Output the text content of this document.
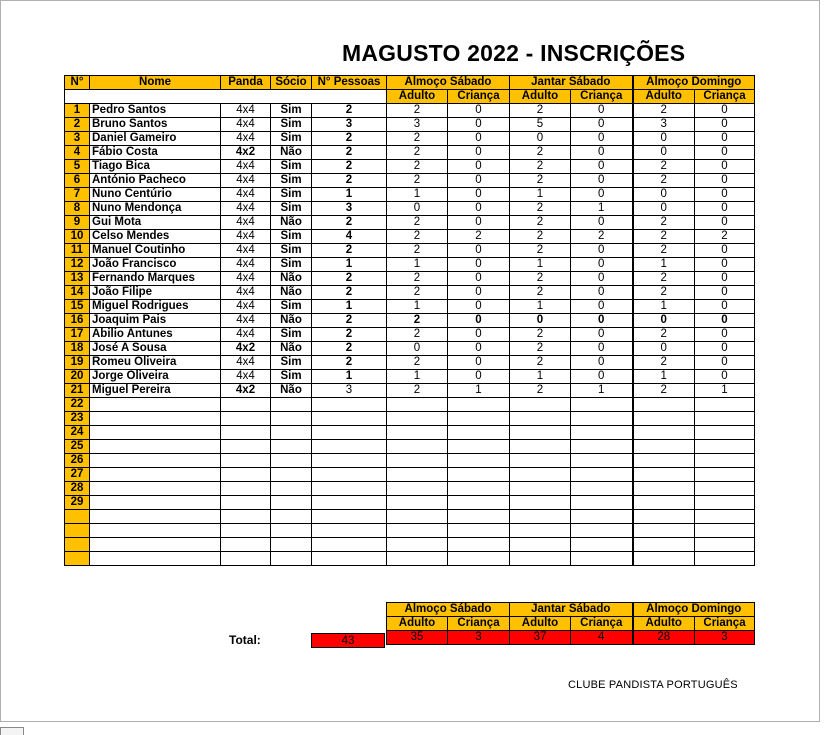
MAGUSTO 2022 - INSCRIÇÕES
N°	Nome	Panda	Sócio	N° Pessoas	Almoço Sábado		Jantar Sábado		Almoço Domingo	
					Adulto	Criança	Adulto	Criança	Adulto	Criança
1	Pedro Santos	4x4	Sim	2	2	0	2	0	2	0
2	Bruno Santos	4x4	Sim	3	3	0	5	0	3	0
3	Daniel Gameiro	4x4	Sim	2	2	0	0	0	0	0
4	Fábio Costa	4x2	Não	2	2	0	2	0	0	0
5	Tiago Bica	4x4	Sim	2	2	0	2	0	2	0
6	António Pacheco	4x4	Sim	2	2	0	2	0	2	0
7	Nuno Centúrio	4x4	Sim	1	1	0	1	0	0	0
8	Nuno Mendonça	4x4	Sim	3	0	0	2	1	0	0
9	Gui Mota	4x4	Não	2	2	0	2	0	2	0
10	Celso Mendes	4x4	Sim	4	2	2	2	2	2	2
11	Manuel Coutinho	4x4	Sim	2	2	0	2	0	2	0
12	João Francisco	4x4	Sim	1	1	0	1	0	1	0
13	Fernando Marques	4x4	Não	2	2	0	2	0	2	0
14	João Filipe	4x4	Não	2	2	0	2	0	2	0
15	Miguel Rodrigues	4x4	Sim	1	1	0	1	0	1	0
16	Joaquim Pais	4x4	Não	2	2	0	0	0	0	0
17	Abilio Antunes	4x4	Sim	2	2	0	2	0	2	0
18	José A Sousa	4x2	Não	2	0	0	2	0	0	0
19	Romeu Oliveira	4x4	Sim	2	2	0	2	0	2	0
20	Jorge Oliveira	4x4	Sim	1	1	0	1	0	1	0
21	Miguel Pereira	4x2	Não	3	2	1	2	1	2	1
22										
23										
24										
25										
26										
27										
28										
29										

Almoço Sábado		Jantar Sábado		Almoço Domingo	
Adulto	Criança	Adulto	Criança	Adulto	Criança
35	3	37	4	28	3
Total:	43
CLUBE PANDISTA PORTUGUÊS
